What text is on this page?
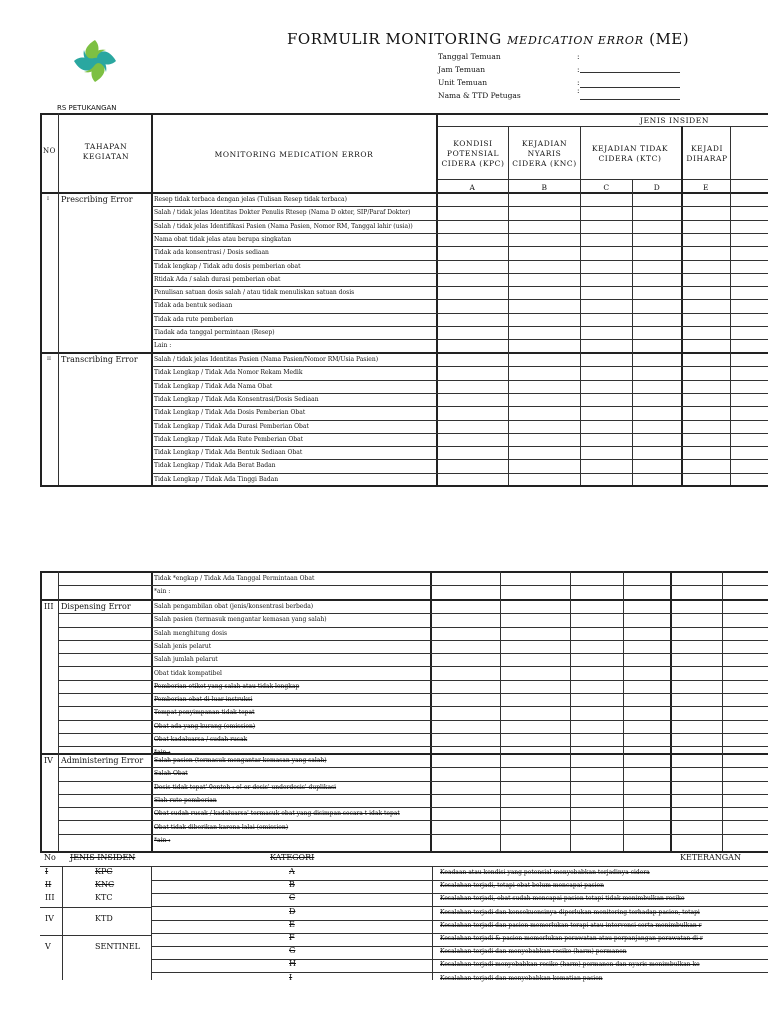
FORMULIR MONITORING MEDICATION ERROR (ME)
Tanggal Temuan	:
Jam Temuan	:
Unit Temuan	:
Nama & TTD Petugas
:
RS PETUKANGAN
NO	TAHAPAN KEGIATAN	MONITORING MEDICATION ERROR
JENIS INSIDEN
KONDISI POTENSIAL CIDERA (KPC)
KEJADIAN NYARIS CIDERA (KNC)
KEJADIAN TIDAK CIDERA (KTC)
KEJADI DIHARAP
A	B	C	D	E
I Prescribing Error	Resep tidak terbaca dengan jelas (Tulisan Resep tidak terbaca)
Salah / tidak jelas Identitas Dokter Penulis Rtesep (Nama D okter, SIP/Paraf Dokter)
Salah / tidak jelas Identifikasi Pasien (Nama Pasien, Nomor RM, Tanggal lahir (usia))
Nama obat tidak jelas atau berupa singkatan
Tidak ada konsentrasi / Dosis sediaan
Tidak lengkap / Tidak adu dosis pemberian obat
Rtidak Ada / salah durasi pemberian obat
Penulisan satuan dosis salah / atau tidak menuliskan satuan dosis
Tidak ada bentuk sediaan
Tidak ada rute pemberian
Tiadak ada tanggal permintaan (Resep)
Lain :
II Transcribing Error	Salah / tidak jelas Identitas Pasien (Nama Pasien/Nomor RM/Usia Pasien)
Tidak Lengkap / Tidak Ada Nomor Rekam Medik
Tidak Lengkap / Tidak Ada Nama Obat
Tidak Lengkap / Tidak Ada Konsentrasi/Dosis Sediaan
Tidak Lengkap / Tidak Ada Dosis Pemberian Obat
Tidak Lengkap / Tidak Ada Durasi Pemberian Obat
Tidak Lengkap / Tidak Ada Rute Pemberian Obat
Tidak Lengkap / Tidak Ada Bentuk Sediaan Obat
Tidak Lengkap / Tidak Ada Berat Badan
Tidak Lengkap / Tidak Ada Tinggi Badan
Tidak *engkap / Tidak Ada Tanggal Permintaan Obat
*ain :
III Dispensing Error	Salah pengambilan obat (jenis/konsentrasi berbeda)
Salah pasien (termasuk mengantar kemasan yang salah)
Salah menghitung dosis
Salah jenis pelarut
Salah jumlah pelarut
Obat tidak kompatibel
Pemberian etiket yang salah atau tidak lengkap
Pemberian obat di luar instruksi
Tempat penyimpanan tidak tepat
Obat ada yang kurang (omission)
Obat kadaluarsa / sudah rusak
*ain :
IV Administering Error Salah pasien (termasuk mengantar kemasan yang salah)
Salah Obat
Dosis tidak tepat' 0ontoh : o! er dosis' underdosis' duplikasi
Slah rute pemberian
Obat sudah rusak / kadaluarsa' termasuk obat yang disimpan secara t idak tepat
Obat tidak diberikan karena lalai (omission)
*ain :
No JENIS INSIDEN	KATEGORI	KETERANGAN
I	KPC
II	KNC
III	KTC
IV	KTD
V	SENTINEL
A	Keadaan atau kondisi yang potensial menyebabkan terjadinya cidera
B	Kesalahan terjadi, tetapi obat belum mencapai pasien
C	Kesalahan terjadi, obat sudah mencapai pasien tetapi tidak menimbulkan resiko
D	Kesalahan terjadi dan konsekuensinya diperlukan monitoring terhadap pasien, tetapi
E	Kesalahan terjadi dan pasien memerlukan terapi atau intervensi serta menimbulkan r
F	Kesalahan terjadi & pasien memerlukan perawatan atau perpanjangan perawatan di r
G	Kesalahan terjadi dan menyebabkan resiko (harm) permanen
H	Kesalahan terjadi menyebabkan resiko (harm) permanen dan nyaris menimbulkan ke
I	Kesalahan terjadi dan menyebabkan kematian pasien
